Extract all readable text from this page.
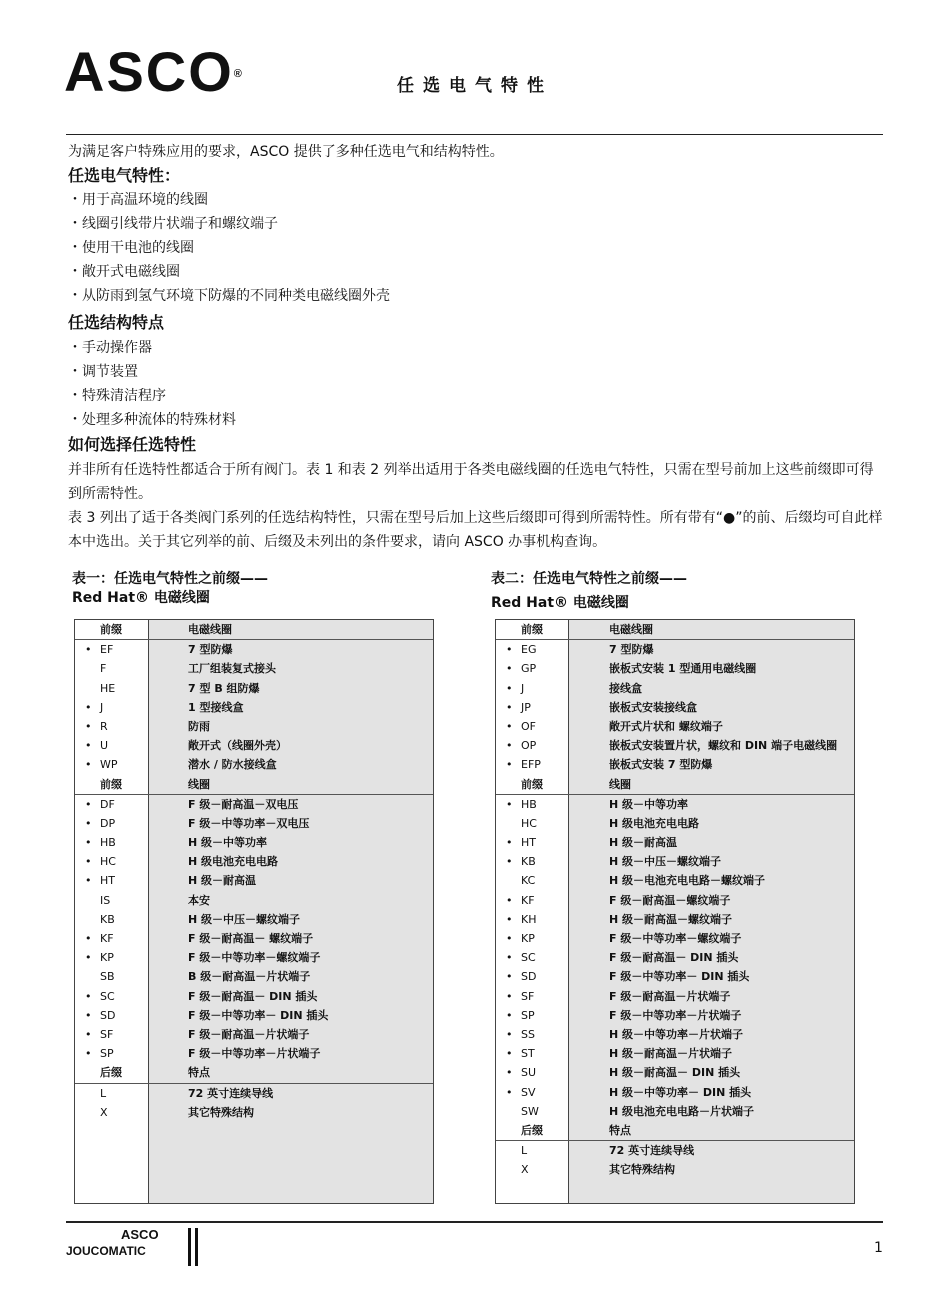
ASCO®
任选电气特性
为满足客户特殊应用的要求，ASCO 提供了多种任选电气和结构特性。
任选电气特性：
・用于高温环境的线圈
・线圈引线带片状端子和螺纹端子
・使用干电池的线圈
・敞开式电磁线圈
・从防雨到氢气环境下防爆的不同种类电磁线圈外壳
任选结构特点
・手动操作器
・调节装置
・特殊清洁程序
・处理多种流体的特殊材料
如何选择任选特性
并非所有任选特性都适合于所有阀门。表 1 和表 2 列举出适用于各类电磁线圈的任选电气特性，只需在型号前加上这些前缀即可得 到所需特性。
表 3 列出了适于各类阀门系列的任选结构特性，只需在型号后加上这些后缀即可得到所需特性。所有带有“●”的前、后缀均可自此样本中选出。关于其它列举的前、后缀及未列出的条件要求，请向 ASCO 办事机构查询。
表一：任选电气特性之前缀——
Red Hat® 电磁线圈
前缀	电磁线圈
• EF	7 型防爆
F	工厂组装复式接头
HE	7 型 B 组防爆
• J	1 型接线盒
• R	防雨
• U	敞开式（线圈外壳）
• WP	潜水 / 防水接线盒
前缀	线圈
• DF	F 级－耐高温－双电压
• DP	F 级－中等功率－双电压
• HB	H 级－中等功率
• HC	H 级电池充电电路
• HT	H 级－耐高温
IS	本安
KB	H 级－中压－螺纹端子
• KF	F 级－耐高温－ 螺纹端子
• KP	F 级－中等功率－螺纹端子
SB	B 级－耐高温－片状端子
• SC	F 级－耐高温－ DIN 插头
• SD	F 级－中等功率－ DIN 插头
• SF	F 级－耐高温－片状端子
• SP	F 级－中等功率－片状端子
后缀	特点
L	72 英寸连续导线
X	其它特殊结构
表二：任选电气特性之前缀——
Red Hat® 电磁线圈
前缀	电磁线圈
• EG	7 型防爆
• GP	嵌板式安装 1 型通用电磁线圈
• J	接线盒
• JP	嵌板式安装接线盒
• OF	敞开式片状和 螺纹端子
• OP	嵌板式安装置片状，螺纹和 DIN 端子电磁线圈
• EFP	嵌板式安装 7 型防爆
前缀	线圈
• HB	H 级－中等功率
HC	H 级电池充电电路
• HT	H 级－耐高温
• KB	H 级－中压－螺纹端子
KC	H 级－电池充电电路－螺纹端子
• KF	F 级－耐高温－螺纹端子
• KH	H 级－耐高温－螺纹端子
• KP	F 级－中等功率－螺纹端子
• SC	F 级－耐高温－ DIN 插头
• SD	F 级－中等功率－ DIN 插头
• SF	F 级－耐高温－片状端子
• SP	F 级－中等功率－片状端子
• SS	H 级－中等功率－片状端子
• ST	H 级－耐高温－片状端子
• SU	H 级－耐高温－ DIN 插头
• SV	H 级－中等功率－ DIN 插头
SW	H 级电池充电电路－片状端子
后缀	特点
L	72 英寸连续导线
X	其它特殊结构
ASCO
JOUCOMATIC	1
